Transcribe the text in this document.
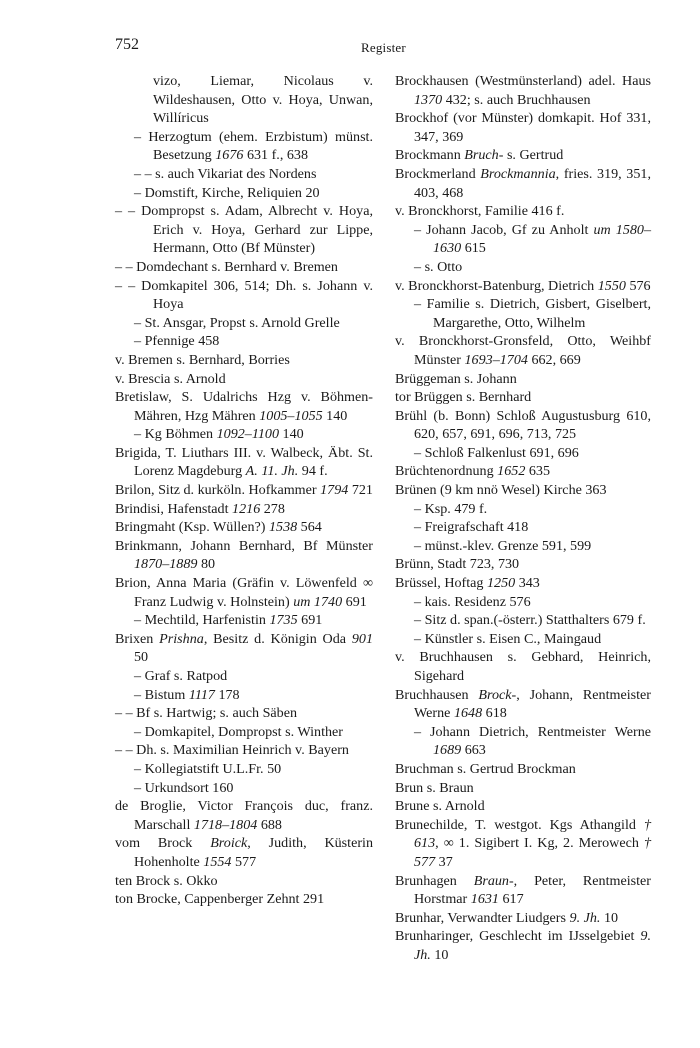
752	Register
vizo, Liemar, Nicolaus v. Wildeshausen, Otto v. Hoya, Unwan, Willíricus
– Herzogtum (ehem. Erzbistum) münst. Besetzung 1676 631 f., 638
– – s. auch Vikariat des Nordens
– Domstift, Kirche, Reliquien 20
– – Dompropst s. Adam, Albrecht v. Hoya, Erich v. Hoya, Gerhard zur Lippe, Hermann, Otto (Bf Münster)
– – Domdechant s. Bernhard v. Bremen
– – Domkapitel 306, 514; Dh. s. Johann v. Hoya
– St. Ansgar, Propst s. Arnold Grelle
– Pfennige 458
v. Bremen s. Bernhard, Borries
v. Brescia s. Arnold
Bretislaw, S. Udalrichs Hzg v. Böhmen-Mähren, Hzg Mähren 1005–1055 140
– Kg Böhmen 1092–1100 140
Brigida, T. Liuthars III. v. Walbeck, Äbt. St. Lorenz Magdeburg A. 11. Jh. 94 f.
Brilon, Sitz d. kurköln. Hofkammer 1794 721
Brindisi, Hafenstadt 1216 278
Bringmaht (Ksp. Wüllen?) 1538 564
Brinkmann, Johann Bernhard, Bf Münster 1870–1889 80
Brion, Anna Maria (Gräfin v. Löwenfeld ∞ Franz Ludwig v. Holnstein) um 1740 691
– Mechtild, Harfenistin 1735 691
Brixen Prishna, Besitz d. Königin Oda 901 50
– Graf s. Ratpod
– Bistum 1117 178
– – Bf s. Hartwig; s. auch Säben
– Domkapitel, Dompropst s. Winther
– – Dh. s. Maximilian Heinrich v. Bayern
– Kollegiatstift U.L.Fr. 50
– Urkundsort 160
de Broglie, Victor François duc, franz. Marschall 1718–1804 688
vom Brock Broick, Judith, Küsterin Hohenholte 1554 577
ten Brock s. Okko
ton Brocke, Cappenberger Zehnt 291
Brockhausen (Westmünsterland) adel. Haus 1370 432; s. auch Bruchhausen
Brockhof (vor Münster) domkapit. Hof 331, 347, 369
Brockmann Bruch- s. Gertrud
Brockmerland Brockmannia, fries. 319, 351, 403, 468
v. Bronckhorst, Familie 416 f.
– Johann Jacob, Gf zu Anholt um 1580–1630 615
– s. Otto
v. Bronckhorst-Batenburg, Dietrich 1550 576
– Familie s. Dietrich, Gisbert, Giselbert, Margarethe, Otto, Wilhelm
v. Bronckhorst-Gronsfeld, Otto, Weihbf Münster 1693–1704 662, 669
Brüggeman s. Johann
tor Brüggen s. Bernhard
Brühl (b. Bonn) Schloß Augustusburg 610, 620, 657, 691, 696, 713, 725
– Schloß Falkenlust 691, 696
Brüchtenordnung 1652 635
Brünen (9 km nnö Wesel) Kirche 363
– Ksp. 479 f.
– Freigrafschaft 418
– münst.-klev. Grenze 591, 599
Brünn, Stadt 723, 730
Brüssel, Hoftag 1250 343
– kais. Residenz 576
– Sitz d. span.(-österr.) Statthalters 679 f.
– Künstler s. Eisen C., Maingaud
v. Bruchhausen s. Gebhard, Heinrich, Sigehard
Bruchhausen Brock-, Johann, Rentmeister Werne 1648 618
– Johann Dietrich, Rentmeister Werne 1689 663
Bruchman s. Gertrud Brockman
Brun s. Braun
Brune s. Arnold
Brunechilde, T. westgot. Kgs Athangild † 613, ∞ 1. Sigibert I. Kg, 2. Merowech † 577 37
Brunhagen Braun-, Peter, Rentmeister Horstmar 1631 617
Brunhar, Verwandter Liudgers 9. Jh. 10
Brunharinger, Geschlecht im IJsselgebiet 9. Jh. 10
